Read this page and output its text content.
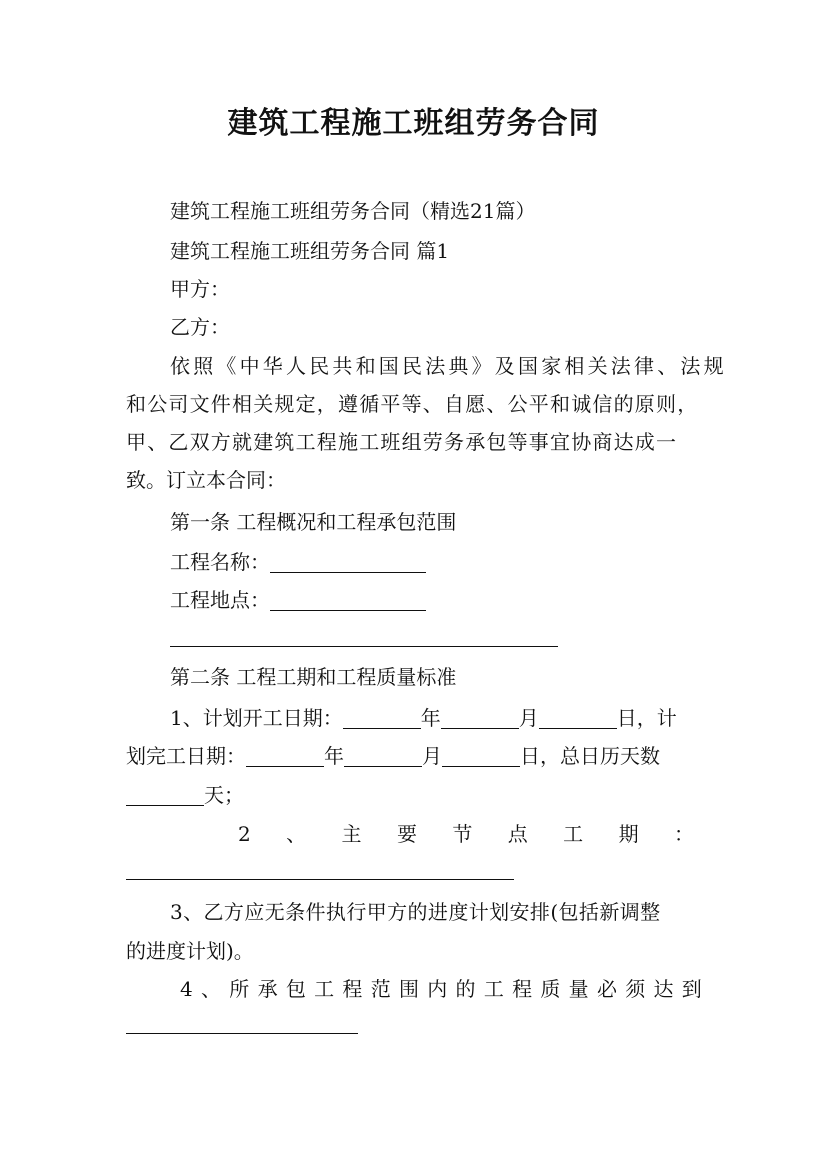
建筑工程施工班组劳务合同
建筑工程施工班组劳务合同（精选21篇）
建筑工程施工班组劳务合同 篇1
甲方：
乙方：
依照《中华人民共和国民法典》及国家相关法律、法规
和公司文件相关规定，遵循平等、自愿、公平和诚信的原则，
甲、乙双方就建筑工程施工班组劳务承包等事宜协商达成一
致。订立本合同：
第一条 工程概况和工程承包范围
工程名称：
工程地点：
第二条 工程工期和工程质量标准
1、计划开工日期：	年	月	日，计
划完工日期：	年	月	日，总日历天数
天；
2 、 主 要 节 点 工 期 ：
3、乙方应无条件执行甲方的进度计划安排(包括新调整
的进度计划)。
4 、 所 承 包 工 程 范 围 内 的 工 程 质 量 必 须 达 到
